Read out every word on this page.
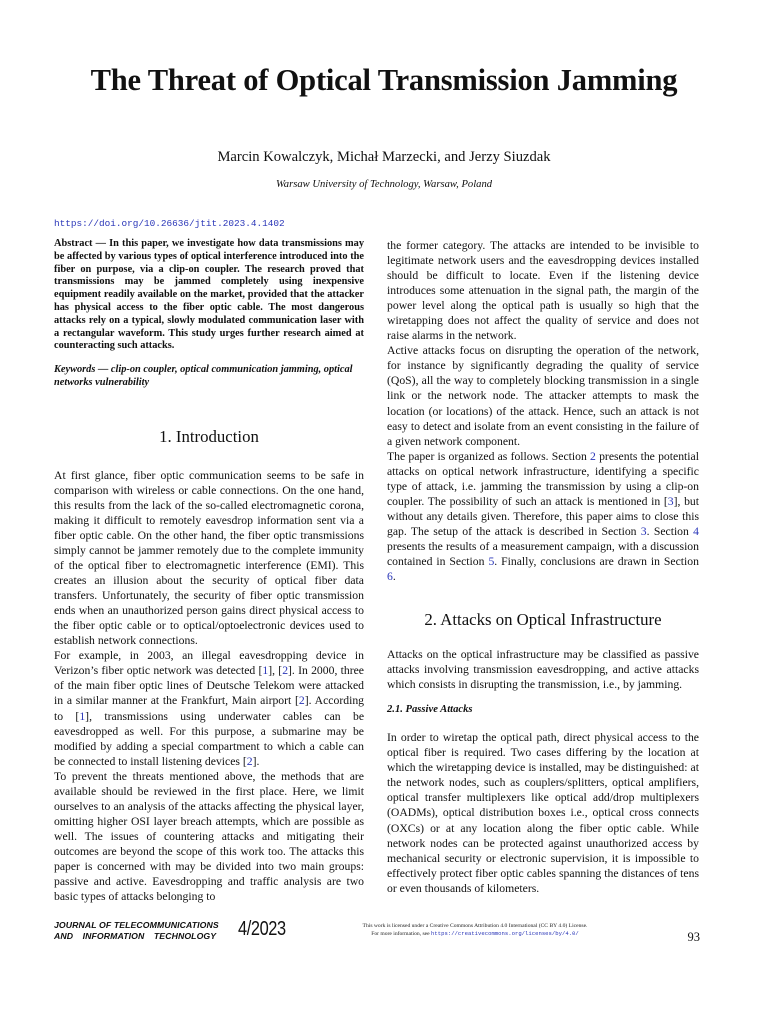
The Threat of Optical Transmission Jamming
Marcin Kowalczyk, Michał Marzecki, and Jerzy Siuzdak
Warsaw University of Technology, Warsaw, Poland
https://doi.org/10.26636/jtit.2023.4.1402

Abstract — In this paper, we investigate how data transmissions may be affected by various types of optical interference introduced into the fiber on purpose, via a clip-on coupler. The research proved that transmissions may be jammed completely using inexpensive equipment readily available on the market, provided that the attacker has physical access to the fiber optic cable. The most dangerous attacks rely on a typical, slowly modulated communication laser with a rectangular waveform. This study urges further research aimed at counteracting such attacks.

Keywords — clip-on coupler, optical communication jamming, optical networks vulnerability

1. Introduction

At first glance, fiber optic communication seems to be safe in comparison with wireless or cable connections. On the one hand, this results from the lack of the so-called electromagnetic corona, making it difficult to remotely eavesdrop information sent via a fiber optic cable. On the other hand, the fiber optic transmissions simply cannot be jammer remotely due to the complete immunity of the optical fiber to electromagnetic interference (EMI). This creates an illusion about the security of optical fiber data transfers. Unfortunately, the security of fiber optic transmission ends when an unauthorized person gains direct physical access to the fiber optic cable or to optical/optoelectronic devices used to establish network connections.

For example, in 2003, an illegal eavesdropping device in Verizon’s fiber optic network was detected [1], [2]. In 2000, three of the main fiber optic lines of Deutsche Telekom were attacked in a similar manner at the Frankfurt, Main airport [2]. According to [1], transmissions using underwater cables can be eavesdropped as well. For this purpose, a submarine may be modified by adding a special compartment to which a cable can be connected to install listening devices [2].

To prevent the threats mentioned above, the methods that are available should be reviewed in the first place. Here, we limit ourselves to an analysis of the attacks affecting the physical layer, omitting higher OSI layer breach attempts, which are possible as well. The issues of countering attacks and mitigating their outcomes are beyond the scope of this work too. The attacks this paper is concerned with may be divided into two main groups: passive and active. Eavesdropping and traffic analysis are two basic types of attacks belonging to

the former category. The attacks are intended to be invisible to legitimate network users and the eavesdropping devices installed should be difficult to locate. Even if the listening device introduces some attenuation in the signal path, the margin of the power level along the optical path is usually so high that the wiretapping does not affect the quality of service and does not raise alarms in the network.

Active attacks focus on disrupting the operation of the network, for instance by significantly degrading the quality of service (QoS), all the way to completely blocking transmission in a single link or the network node. The attacker attempts to mask the location (or locations) of the attack. Hence, such an attack is not easy to detect and isolate from an event consisting in the failure of a given network component.

The paper is organized as follows. Section 2 presents the potential attacks on optical network infrastructure, identifying a specific type of attack, i.e. jamming the transmission by using a clip-on coupler. The possibility of such an attack is mentioned in [3], but without any details given. Therefore, this paper aims to close this gap. The setup of the attack is described in Section 3. Section 4 presents the results of a measurement campaign, with a discussion contained in Section 5. Finally, conclusions are drawn in Section 6.

2. Attacks on Optical Infrastructure

Attacks on the optical infrastructure may be classified as passive attacks involving transmission eavesdropping, and active attacks which consists in disrupting the transmission, i.e., by jamming.

2.1. Passive Attacks

In order to wiretap the optical path, direct physical access to the optical fiber is required. Two cases differing by the location at which the wiretapping device is installed, may be distinguished: at the network nodes, such as couplers/splitters, optical amplifiers, optical transfer multiplexers like optical add/drop multiplexers (OADMs), optical distribution boxes i.e., optical cross connects (OXCs) or at any location along the fiber optic cable. While network nodes can be protected against unauthorized access by mechanical security or electronic supervision, it is impossible to effectively protect fiber optic cables spanning the distances of tens or even thousands of kilometers.

JOURNAL OF TELECOMMUNICATIONS
AND INFORMATION TECHNOLOGY 4/2023	This work is licensed under a Creative Commons Attribution 4.0 International (CC BY 4.0) License.
For more information, see https://creativecommons.org/licenses/by/4.0/	93
